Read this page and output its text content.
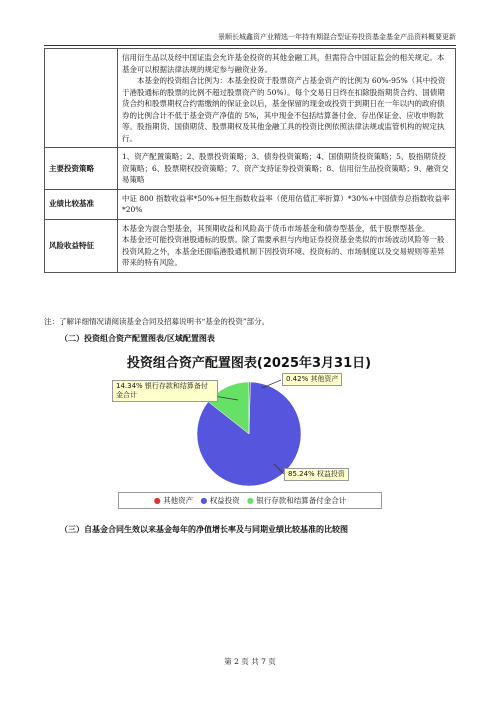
景顺长城鑫资产业精选一年持有期混合型证券投资基金基金产品资料概要更新

	信用衍生品以及经中国证监会允许基金投资的其他金融工具，但需符合中国证监会的相关规定。本基金可以根据法律法规的规定参与融资业务。
本基金的投资组合比例为：本基金投资于股票资产占基金资产的比例为 60%-95%（其中投资于港股通标的股票的比例不超过股票资产的 50%）。每个交易日日终在扣除股指期货合约、国债期货合约和股票期权合约需缴纳的保证金以后，基金保留的现金或投资于到期日在一年以内的政府债券的比例合计不低于基金资产净值的 5%，其中现金不包括结算备付金、存出保证金、应收申购款等。股指期货、国债期货、股票期权及其他金融工具的投资比例依照法律法规或监管机构的规定执行。

主要投资策略	1、资产配置策略；2、股票投资策略；3、债券投资策略；4、国债期货投资策略；5、股指期货投资策略；6、股票期权投资策略；7、资产支持证券投资策略；8、信用衍生品投资策略；9、融资交易策略
业绩比较基准	中证 800 指数收益率*50%+恒生指数收益率（使用估值汇率折算）*30%+中国债券总指数收益率*20%
风险收益特征	本基金为混合型基金，其预期收益和风险高于货币市场基金和债券型基金，低于股票型基金。
本基金还可能投资港股通标的股票。除了需要承担与内地证券投资基金类似的市场波动风险等一般投资风险之外，本基金还面临港股通机制下因投资环境、投资标的、市场制度以及交易规则等差异带来的特有风险。
注：了解详细情况请阅读基金合同及招募说明书“基金的投资”部分。
（二）投资组合资产配置图表/区域配置图表
投资组合资产配置图表(2025年3月31日)
14.34% 银行存款和结算备付金合计
0.42% 其他资产
85.24% 权益投资
● 其他资产 ● 权益投资 ● 银行存款和结算备付金合计
（三）自基金合同生效以来基金每年的净值增长率及与同期业绩比较基准的比较图
第 2 页 共 7 页
